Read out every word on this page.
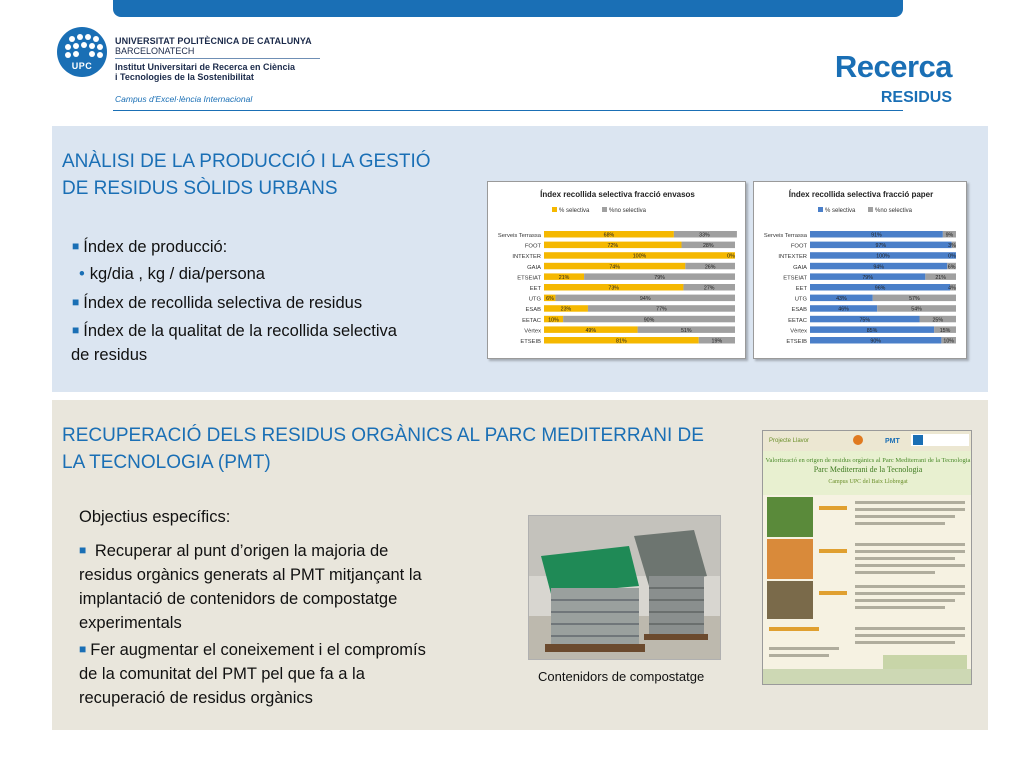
UPC
UNIVERSITAT POLITÈCNICA DE CATALUNYA
BARCELONATECH
Institut Universitari de Recerca en Ciència
i Tecnologies de la Sostenibilitat
Campus d'Excel·lència Internacional
Recerca
RESIDUS
ANÀLISI DE LA PRODUCCIÓ I LA GESTIÓ
DE RESIDUS SÒLIDS URBANS
■ Índex de producció:
• kg/dia , kg / dia/persona
■ Índex de recollida selectiva de residus
■ Índex de la qualitat de la recollida selectiva
de residus
Índex recollida selectiva fracció envasos
% selectiva	%no selectiva
Serveis Terrassa	68%	33%
FOOT	72%	28%
INTEXTER	100%	0%
GAIA	74%	26%
ETSEIAT	21%	79%
EET	73%	27%
UTG 6%	94%
ESAB	23%	77%
EETAC 10%	90%
Vèrtex	49%	51%
ETSEIB	81%	19%
Índex recollida selectiva fracció paper
% selectiva	%no selectiva
Serveis Terrassa	91%	9%
FOOT	97%	3%
INTEXTER	100%	0%
GAIA	94%	6%
ETSEIAT	79%	21%
EET	96%	4%
UTG	43%	57%
ESAB	46%	54%
EETAC	75%	25%
Vèrtex	85%	15%
ETSEIB	90%	10%
RECUPERACIÓ DELS RESIDUS ORGÀNICS AL PARC MEDITERRANI DE
LA TECNOLOGIA (PMT)
Objectius específics:
■ Recuperar al punt d’origen la majoria de
residus orgànics generats al PMT mitjançant la
implantació de contenidors de compostatge
experimentals
■ Fer augmentar el coneixement i el compromís
de la comunitat del PMT pel que fa a la
recuperació de residus orgànics
Contenidors de compostatge
Projecte Llavor	PMT
Valorització en origen de residus orgànics al Parc Mediterrani de la Tecnologia
Parc Mediterrani de la Tecnologia
Campus UPC del Baix Llobregat
